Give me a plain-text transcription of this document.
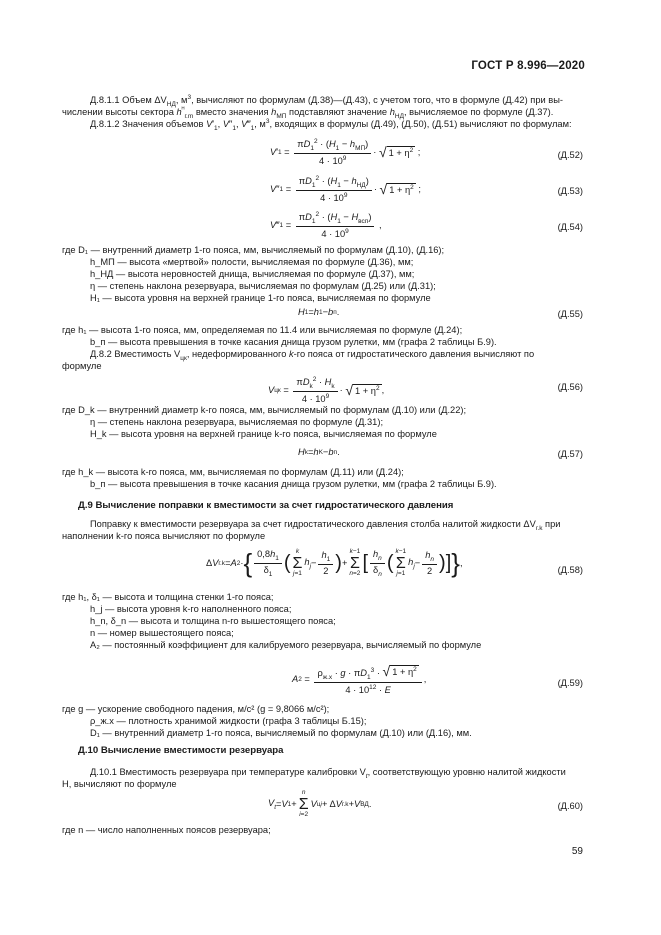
ГОСТ Р 8.996—2020
Д.8.1.1 Объем $\Delta V_{НД}$, $м^3$, вычисляют по формулам (Д.38)—(Д.43), с учетом того, что в формуле (Д.42) при вы-
числении высоты сектора $h^ᴴ_{г.m}$ вместо значения $h_{МП}$ подставляют значение $h_{НД}$, вычисляемое по формуле (Д.37).
Д.8.1.2 Значения объемов $V'_1$, $V''_1$, $V‴_1$, $м^3$, входящих в формулы (Д.49), (Д.50), (Д.51) вычисляют по формулам:
V ′ $1 = \frac{\pi D_1^2 \cdot (H_1 - h_{МП})}{4 \cdot 10^9}$ · √ $1 + \eta^2$ ;	(Д.52)
V ″ $1 = \frac{\pi D_1^2 \cdot (H_1 - h_{НД})}{4 \cdot 10^9}$ · √ $1 + \eta^2$ ;	(Д.53)
V ‴ $1 = \frac{\pi D_1^2 \cdot (H_1 - H_{всп})}{4 \cdot 10^9}$ ,	(Д.54)
где D₁ — внутренний диаметр 1-го пояса, мм, вычисляемый по формулам (Д.10), (Д.16);
h_МП — высота «мертвой» полости, вычисляемая по формуле (Д.36), мм;
h_НД — высота неровностей днища, вычисляемая по формуле (Д.37), мм;
η — степень наклона резервуара, вычисляемая по формулам (Д.25) или (Д.31);
H₁ — высота уровня на верхней границе 1-го пояса, вычисляемая по формуле
H 1 = h 1 − b п .	(Д.55)
где h₁ — высота 1-го пояса, мм, определяемая по 11.4 или вычисляемая по формуле (Д.24);
b_п — высота превышения в точке касания днища грузом рулетки, мм (графа 2 таблицы Б.9).
Д.8.2 Вместимость $V_{цк}$, недеформированного k-го пояса от гидростатического давления вычисляют по
формуле
V цк = $\frac{\pi D_k^2 \cdot H_k}{4 \cdot 10^9}$ · √ $1 + \eta^2$ ,	(Д.56)
где D_k — внутренний диаметр k-го пояса, мм, вычисляемый по формулам (Д.10) или (Д.22);
η — степень наклона резервуара, вычисляемая по формуле (Д.31);
H_k — высота уровня на верхней границе k-го пояса, вычисляемая по формуле
H k = h K − b п .	(Д.57)
где h_k — высота k-го пояса, мм, вычисляемая по формулам (Д.11) или (Д.24);
b_п — высота превышения в точке касания днища грузом рулетки, мм (графа 2 таблицы Б.9).
Д.9 Вычисление поправки к вместимости за счет гидростатического давления
Поправку к вместимости резервуара за счет гидростатического давления столба налитой жидкости $\Delta V_{г.k}$ при
наполнении k-го пояса вычисляют по формуле
Δ V г.k = A 2 · { $\frac{0,8h_1}{\delta_1}$ (
k
Σ
j=1
$h_j - \frac{h_1}{2}$ ) +
k−1
Σ
n=2 [ $\frac{h_n}{\delta_n}$ (
k−1
Σ
j=1
$h_j - \frac{h_n}{2}$ ) ] } ,
(Д.58)
где h₁, δ₁ — высота и толщина стенки 1-го пояса;
h_j — высота уровня k-го наполненного пояса;
h_n, δ_n — высота и толщина n-го вышестоящего пояса;
n — номер вышестоящего пояса;
A₂ — постоянный коэффициент для калибруемого резервуара, вычисляемый по формуле
A $2 = \frac{\rho_{ж.х} \cdot g \cdot \pi D_1^3 \cdot √ 1 + \eta^2}{4 \cdot 10^{12} \cdot E}$ ,	(Д.59)
где g — ускорение свободного падения, м/с² (g = 9,8066 м/с²);
ρ_ж.х — плотность хранимой жидкости (графа 3 таблицы Б.15);
D₁ — внутренний диаметр 1-го пояса, вычисляемый по формулам (Д.10) или (Д.16), мм.
Д.10 Вычисление вместимости резервуара
Д.10.1 Вместимость резервуара при температуре калибровки $V_t$, соответствующую уровню налитой жидкости
H, вычисляют по формуле
$V_t = V$ 1 +
n
Σ
i=2
V цi + Δ V г.k + V ВД .	(Д.60)
где n — число наполненных поясов резервуара;
59
